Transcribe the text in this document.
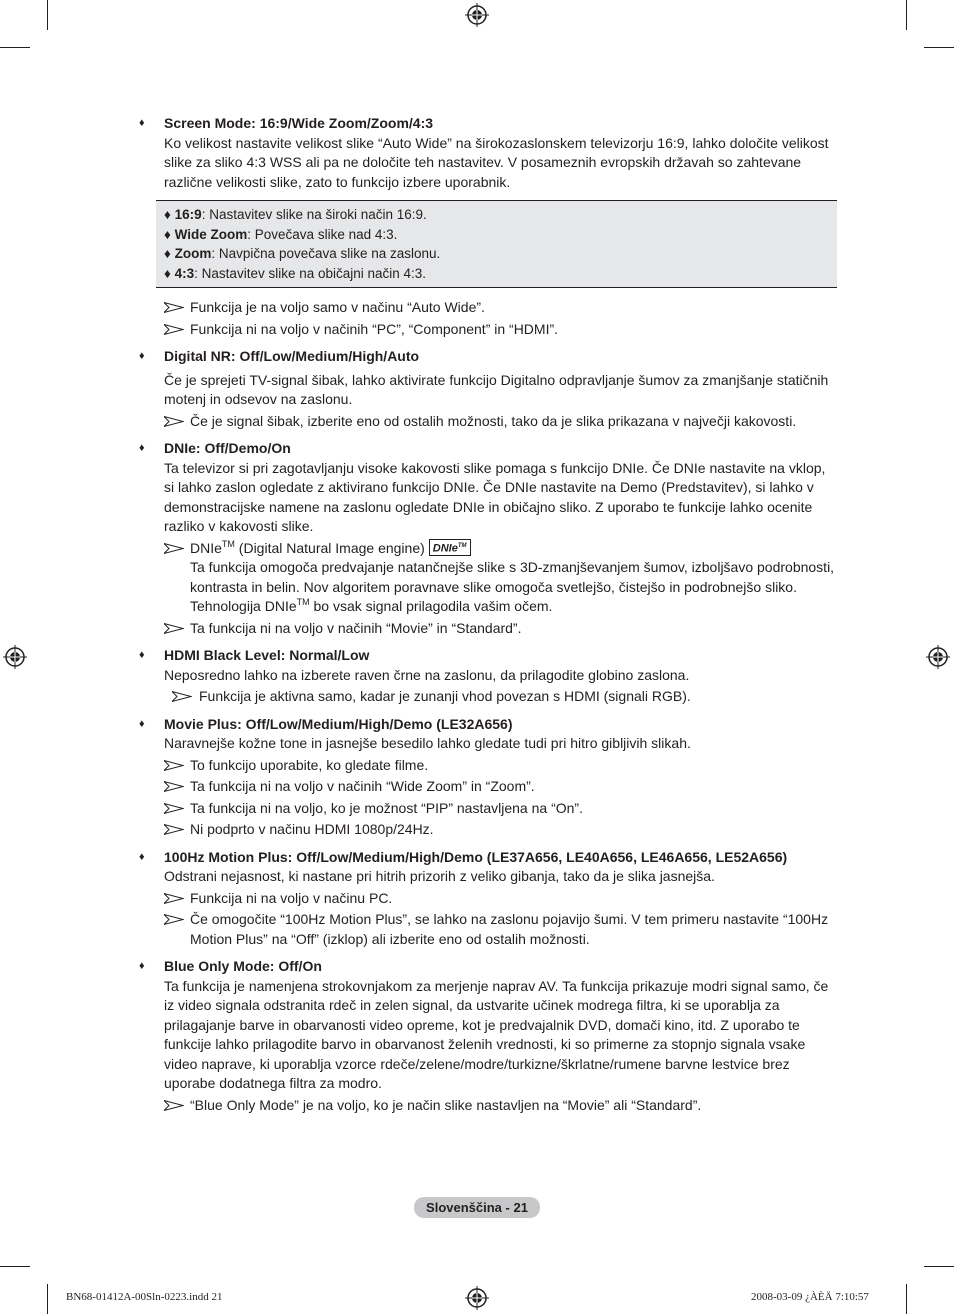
♦ Screen Mode: 16:9/Wide Zoom/Zoom/4:3

Ko velikost nastavite velikost slike “Auto Wide” na širokozaslonskem televizorju 16:9, lahko določite velikost slike za sliko 4:3 WSS ali pa ne določite teh nastavitev. V posameznih evropskih državah so zahtevane različne velikosti slike, zato to funkcijo izbere uporabnik.

♦ 16:9: Nastavitev slike na široki način 16:9.
♦ Wide Zoom: Povečava slike nad 4:3.
♦ Zoom: Navpična povečava slike na zaslonu.
♦ 4:3: Nastavitev slike na običajni način 4:3.
Funkcija je na voljo samo v načinu “Auto Wide”.
Funkcija ni na voljo v načinih “PC”, “Component” in “HDMI”.
♦ Digital NR: Off/Low/Medium/High/Auto

Če je sprejeti TV-signal šibak, lahko aktivirate funkcijo Digitalno odpravljanje šumov za zmanjšanje statičnih motenj in odsevov na zaslonu.

Če je signal šibak, izberite eno od ostalih možnosti, tako da je slika prikazana v največji kakovosti.
♦ DNIe: Off/Demo/On

Ta televizor si pri zagotavljanju visoke kakovosti slike pomaga s funkcijo DNIe. Če DNIe nastavite na vklop, si lahko zaslon ogledate z aktivirano funkcijo DNIe. Če DNIe nastavite na Demo (Predstavitev), si lahko v demonstracijske namene na zaslonu ogledate DNIe in običajno sliko. Z uporabo te funkcije lahko ocenite razliko v kakovosti slike.

DNIe™ (Digital Natural Image engine) DNIe™
Ta funkcija omogoča predvajanje natančnejše slike s 3D-zmanjševanjem šumov, izboljšavo podrobnosti, kontrasta in belin. Nov algoritem poravnave slike omogoča svetlejšo, čistejšo in podrobnejšo sliko. Tehnologija DNIe™ bo vsak signal prilagodila vašim očem.
Ta funkcija ni na voljo v načinih “Movie” in “Standard”.
♦ HDMI Black Level: Normal/Low

Neposredno lahko na izberete raven črne na zaslonu, da prilagodite globino zaslona.

Funkcija je aktivna samo, kadar je zunanji vhod povezan s HDMI (signali RGB).
♦ Movie Plus: Off/Low/Medium/High/Demo (LE32A656)

Naravnejše kožne tone in jasnejše besedilo lahko gledate tudi pri hitro gibljivih slikah.

To funkcijo uporabite, ko gledate filme.
Ta funkcija ni na voljo v načinih “Wide Zoom” in “Zoom”.
Ta funkcija ni na voljo, ko je možnost “PIP” nastavljena na “On”.
Ni podprto v načinu HDMI 1080p/24Hz.
♦ 100Hz Motion Plus: Off/Low/Medium/High/Demo (LE37A656, LE40A656, LE46A656, LE52A656)

Odstrani nejasnost, ki nastane pri hitrih prizorih z veliko gibanja, tako da je slika jasnejša.

Funkcija ni na voljo v načinu PC.
Če omogočite “100Hz Motion Plus”, se lahko na zaslonu pojavijo šumi. V tem primeru nastavite “100Hz Motion Plus” na “Off” (izklop) ali izberite eno od ostalih možnosti.
♦ Blue Only Mode: Off/On

Ta funkcija je namenjena strokovnjakom za merjenje naprav AV. Ta funkcija prikazuje modri signal samo, če iz video signala odstranita rdeč in zelen signal, da ustvarite učinek modrega filtra, ki se uporablja za prilagajanje barve in obarvanosti video opreme, kot je predvajalnik DVD, domači kino, itd. Z uporabo te funkcije lahko prilagodite barvo in obarvanost želenih vrednosti, ki so primerne za stopnjo signala vsake video naprave, ki uporablja vzorce rdeče/zelene/modre/turkizne/škrlatne/rumene barvne lestvice brez uporabe dodatnega filtra za modro.

“Blue Only Mode” je na voljo, ko je način slike nastavljen na “Movie” ali “Standard”.
Slovenščina - 21
BN68-01412A-00Sln-0223.indd 21	2008-03-09 ¿ÀÈÄ 7:10:57
